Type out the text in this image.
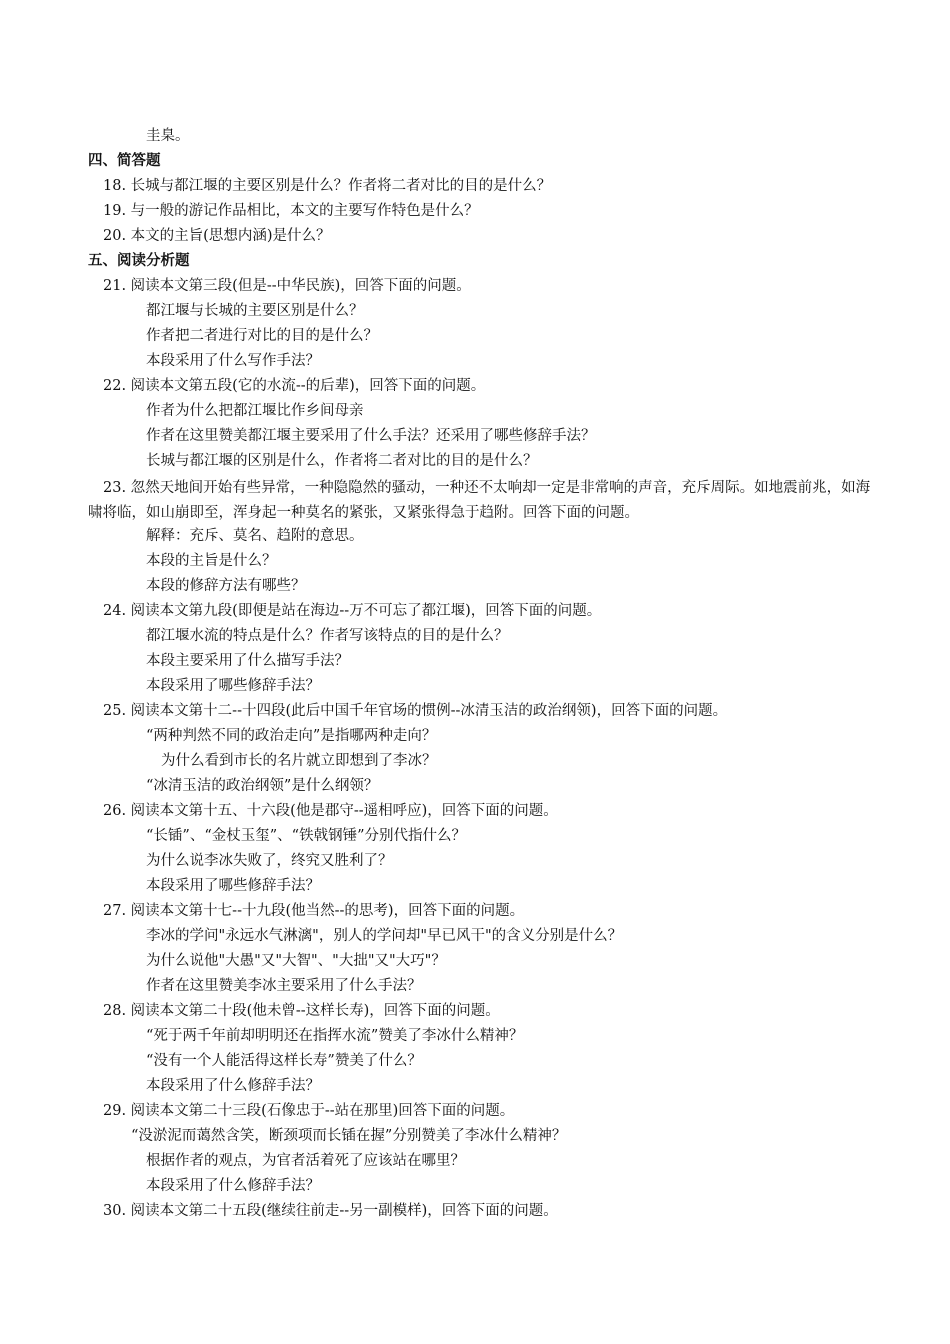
圭臬。
四、简答题
18. 长城与都江堰的主要区别是什么？作者将二者对比的目的是什么？
19. 与一般的游记作品相比，本文的主要写作特色是什么？
20. 本文的主旨(思想内涵)是什么？
五、阅读分析题
21. 阅读本文第三段(但是--中华民族)，回答下面的问题。
都江堰与长城的主要区别是什么？
作者把二者进行对比的目的是什么？
本段采用了什么写作手法？
22. 阅读本文第五段(它的水流--的后辈)，回答下面的问题。
作者为什么把都江堰比作乡间母亲
作者在这里赞美都江堰主要采用了什么手法？还采用了哪些修辞手法？
长城与都江堰的区别是什么，作者将二者对比的目的是什么？
23. 忽然天地间开始有些异常，一种隐隐然的骚动，一种还不太响却一定是非常响的声音，充斥周际。如地震前兆，如海啸将临，如山崩即至，浑身起一种莫名的紧张，又紧张得急于趋附。回答下面的问题。
解释：充斥、莫名、趋附的意思。
本段的主旨是什么？
本段的修辞方法有哪些？
24. 阅读本文第九段(即便是站在海边--万不可忘了都江堰)，回答下面的问题。
都江堰水流的特点是什么？作者写该特点的目的是什么？
本段主要采用了什么描写手法？
本段采用了哪些修辞手法？
25. 阅读本文第十二--十四段(此后中国千年官场的惯例--冰清玉洁的政治纲领)，回答下面的问题。
“两种判然不同的政治走向”是指哪两种走向？
为什么看到市长的名片就立即想到了李冰？
“冰清玉洁的政治纲领”是什么纲领？
26. 阅读本文第十五、十六段(他是郡守--遥相呼应)，回答下面的问题。
“长锸”、“金杖玉玺”、“铁戟钢锤”分别代指什么？
为什么说李冰失败了，终究又胜利了？
本段采用了哪些修辞手法？
27. 阅读本文第十七--十九段(他当然--的思考)，回答下面的问题。
李冰的学问"永远水气淋漓"，别人的学问却"早已风干"的含义分别是什么？
为什么说他"大愚"又"大智"、"大拙"又"大巧"？
作者在这里赞美李冰主要采用了什么手法？
28. 阅读本文第二十段(他未曾--这样长寿)，回答下面的问题。
“死于两千年前却明明还在指挥水流”赞美了李冰什么精神？
“没有一个人能活得这样长寿”赞美了什么？
本段采用了什么修辞手法？
29. 阅读本文第二十三段(石像忠于--站在那里)回答下面的问题。
“没淤泥而蔼然含笑，断颈项而长锸在握”分别赞美了李冰什么精神？
根据作者的观点，为官者活着死了应该站在哪里？
本段采用了什么修辞手法？
30. 阅读本文第二十五段(继续往前走--另一副模样)，回答下面的问题。
